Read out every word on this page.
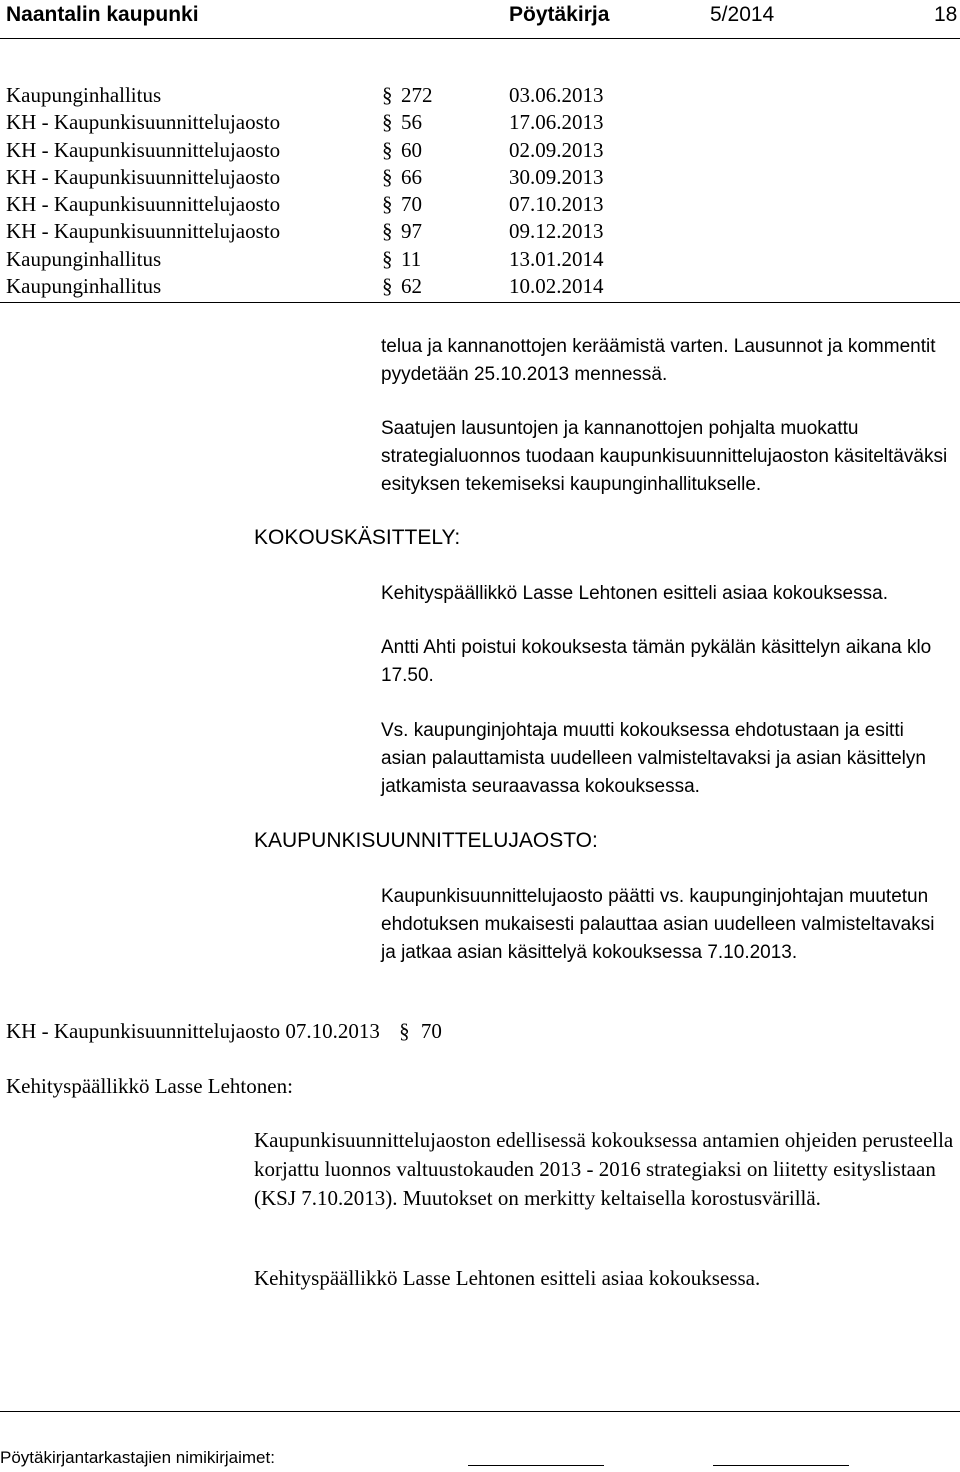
Naantalin kaupunki	Pöytäkirja	5/2014	18
Kaupunginhallitus	§ 272	03.06.2013
KH - Kaupunkisuunnittelujaosto	§ 56	17.06.2013
KH - Kaupunkisuunnittelujaosto	§ 60	02.09.2013
KH - Kaupunkisuunnittelujaosto	§ 66	30.09.2013
KH - Kaupunkisuunnittelujaosto	§ 70	07.10.2013
KH - Kaupunkisuunnittelujaosto	§ 97	09.12.2013
Kaupunginhallitus	§ 11	13.01.2014
Kaupunginhallitus	§ 62	10.02.2014
telua ja kannanottojen keräämistä varten. Lausunnot ja kommentit pyydetään 25.10.2013 mennessä.
Saatujen lausuntojen ja kannanottojen pohjalta muokattu strategialuonnos tuodaan kaupunkisuunnittelujaoston käsiteltäväksi esityksen tekemiseksi kaupunginhallitukselle.
KOKOUSKÄSITTELY:
Kehityspäällikkö Lasse Lehtonen esitteli asiaa kokouksessa.
Antti Ahti poistui kokouksesta tämän pykälän käsittelyn aikana klo 17.50.
Vs. kaupunginjohtaja muutti kokouksessa ehdotustaan ja esitti asian palauttamista uudelleen valmisteltavaksi ja asian käsittelyn jatkamista seuraavassa kokouksessa.
KAUPUNKISUUNNITTELUJAOSTO:
Kaupunkisuunnittelujaosto päätti vs. kaupunginjohtajan muutetun ehdotuksen mukaisesti palauttaa asian uudelleen valmisteltavaksi ja jatkaa asian käsittelyä kokouksessa 7.10.2013.
KH - Kaupunkisuunnittelujaosto 07.10.2013 § 70
Kehityspäällikkö Lasse Lehtonen:
Kaupunkisuunnittelujaoston edellisessä kokouksessa antamien ohjeiden perusteella korjattu luonnos valtuustokauden 2013 - 2016 strategiaksi on liitetty esityslistaan (KSJ 7.10.2013). Muutokset on merkitty keltaisella korostusvärillä.
Kehityspäällikkö Lasse Lehtonen esitteli asiaa kokouksessa.
Pöytäkirjantarkastajien nimikirjaimet:
